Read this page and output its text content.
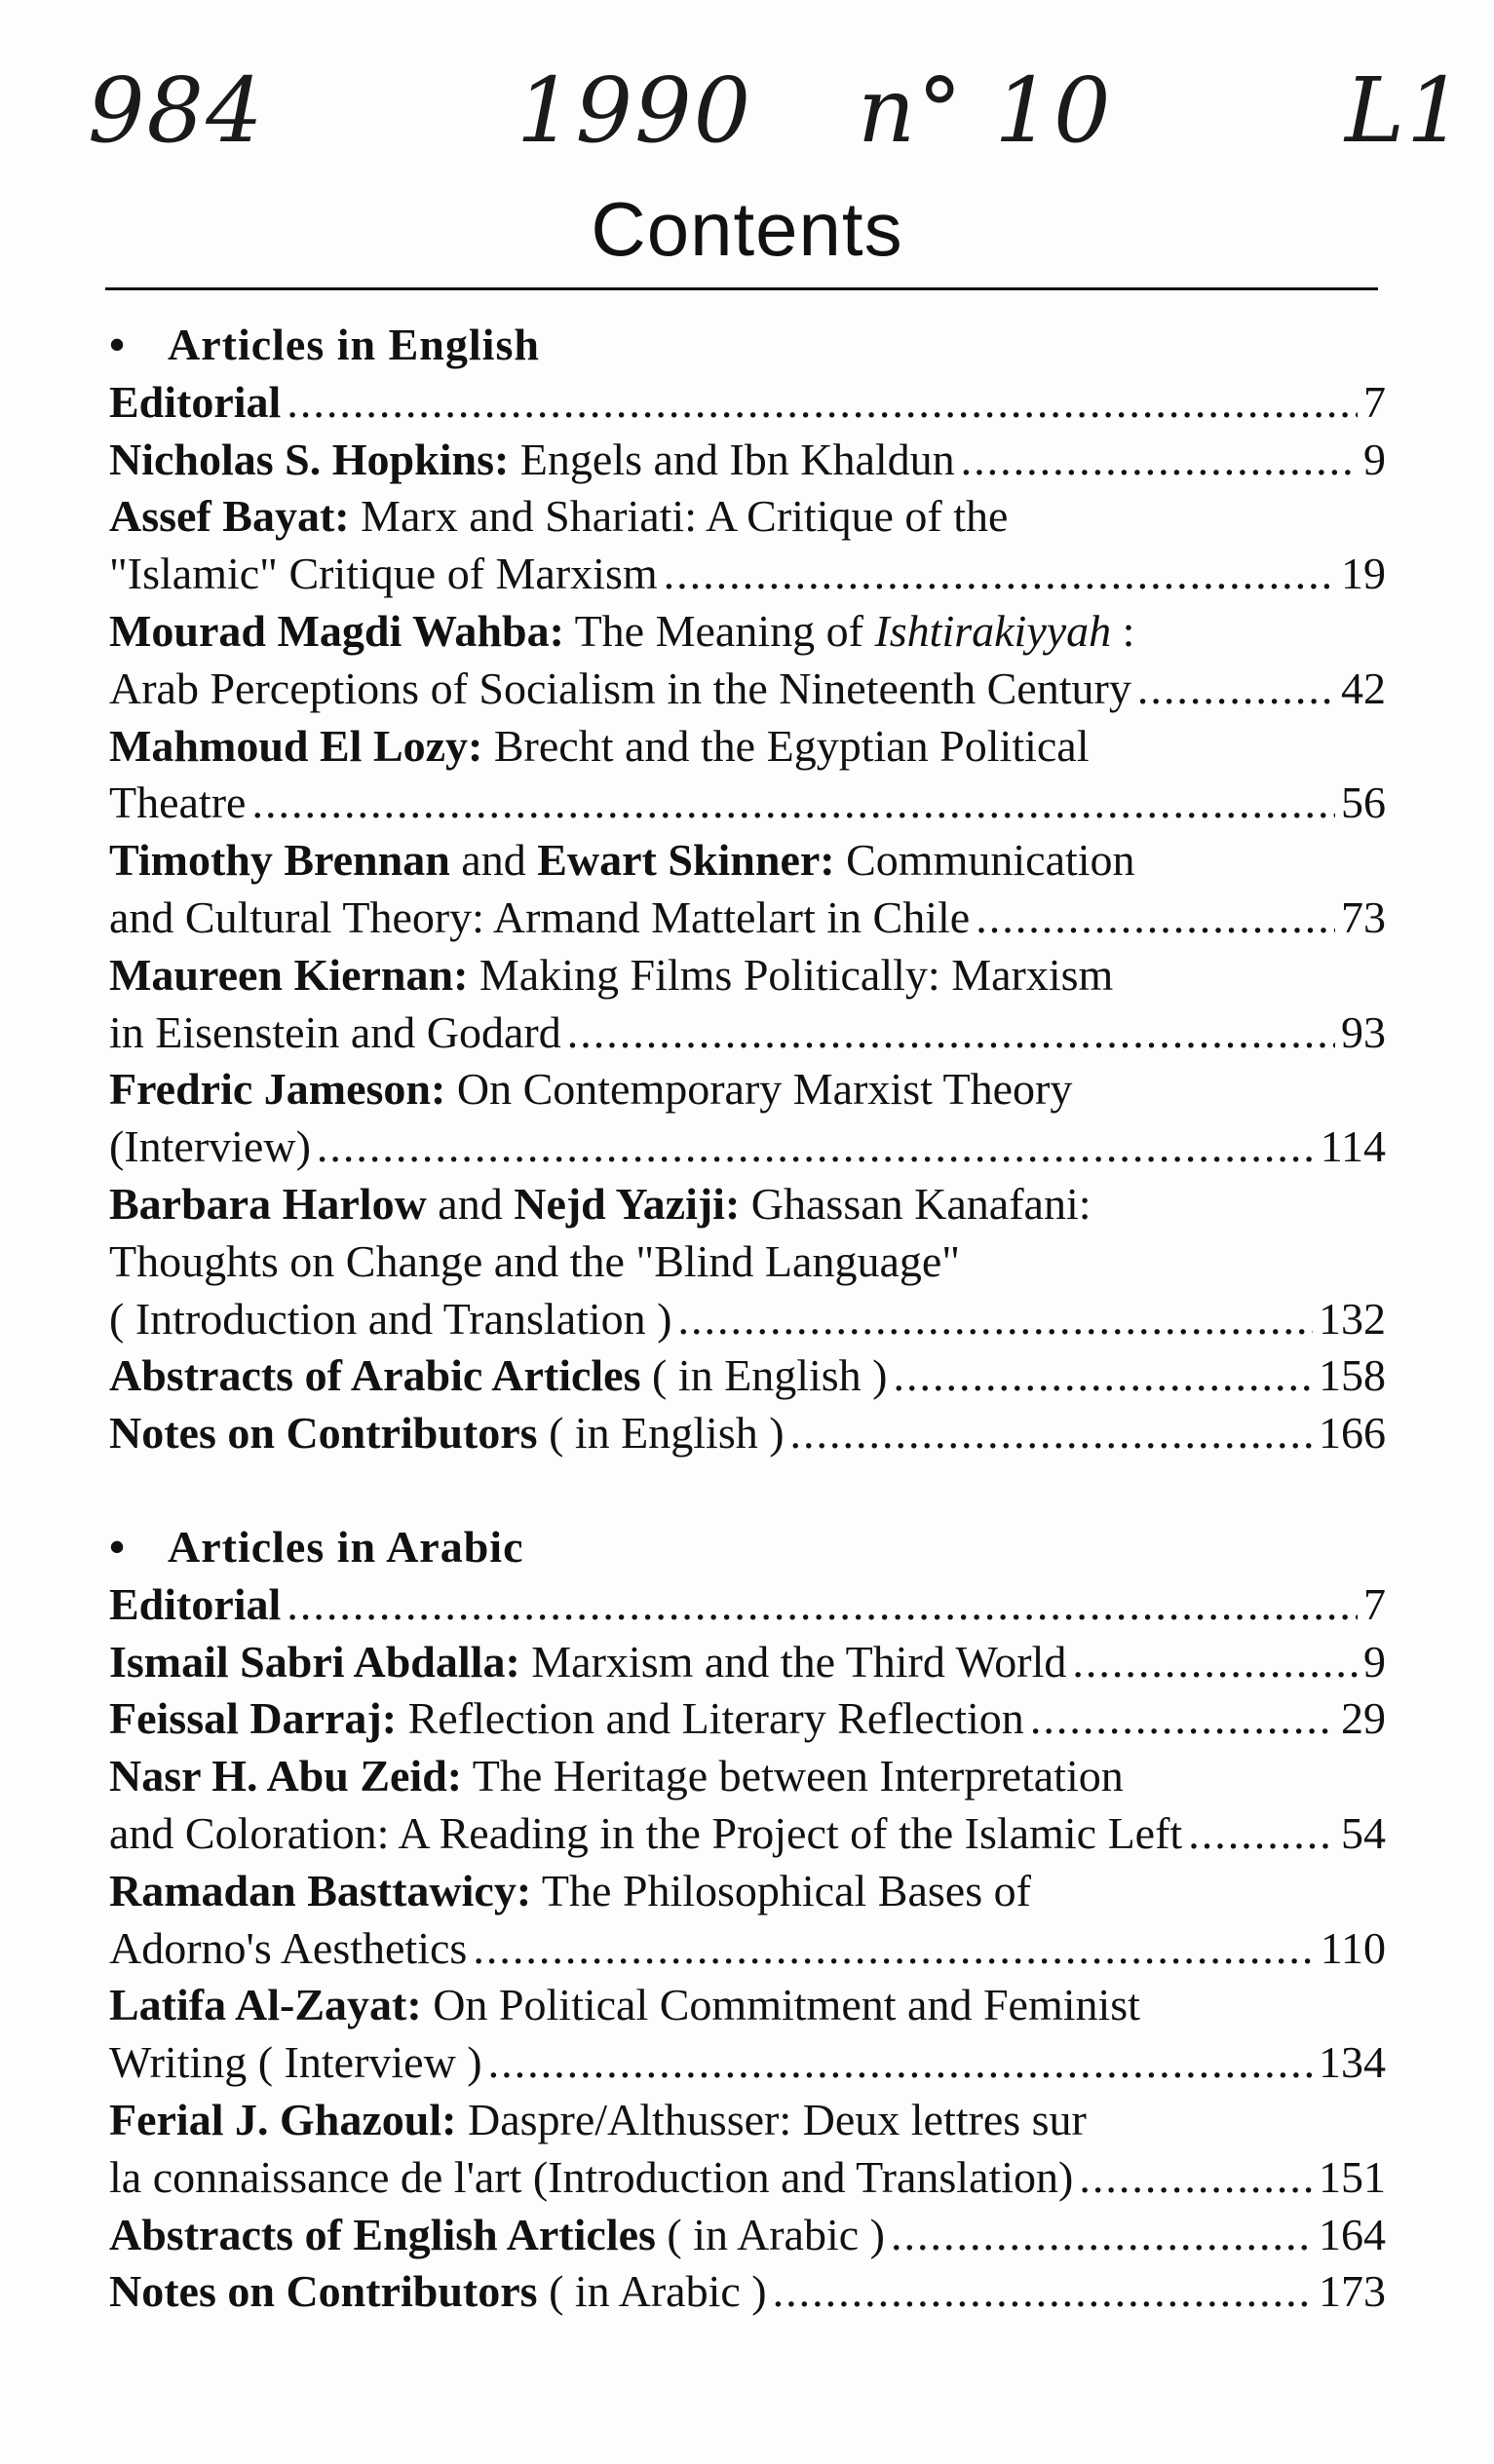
984	1990 n° 10	L1
Contents
• Articles in English
Editorial .....	7
Nicholas S. Hopkins: Engels and Ibn Khaldun .....	9
Assef Bayat: Marx and Shariati: A Critique of the
"Islamic" Critique of Marxism .....	19
Mourad Magdi Wahba: The Meaning of Ishtirakiyyah :
Arab Perceptions of Socialism in the Nineteenth Century .....	42
Mahmoud El Lozy: Brecht and the Egyptian Political
Theatre .....	56
Timothy Brennan and Ewart Skinner: Communication
and Cultural Theory: Armand Mattelart in Chile .....	73
Maureen Kiernan: Making Films Politically: Marxism
in Eisenstein and Godard .....	93
Fredric Jameson: On Contemporary Marxist Theory
(Interview) .....	114
Barbara Harlow and Nejd Yaziji: Ghassan Kanafani:
Thoughts on Change and the "Blind Language"
( Introduction and Translation ) .....	132
Abstracts of Arabic Articles ( in English ) .....	158
Notes on Contributors ( in English ) .....	166
• Articles in Arabic
Editorial .....	7
Ismail Sabri Abdalla: Marxism and the Third World .....	9
Feissal Darraj: Reflection and Literary Reflection .....	29
Nasr H. Abu Zeid: The Heritage between Interpretation
and Coloration: A Reading in the Project of the Islamic Left .....	54
Ramadan Basttawicy: The Philosophical Bases of
Adorno's Aesthetics .....	110
Latifa Al-Zayat: On Political Commitment and Feminist
Writing ( Interview ) .....	134
Ferial J. Ghazoul: Daspre/Althusser: Deux lettres sur
la connaissance de l'art (Introduction and Translation) .....	151
Abstracts of English Articles ( in Arabic ) .....	164
Notes on Contributors ( in Arabic ) .....	173
